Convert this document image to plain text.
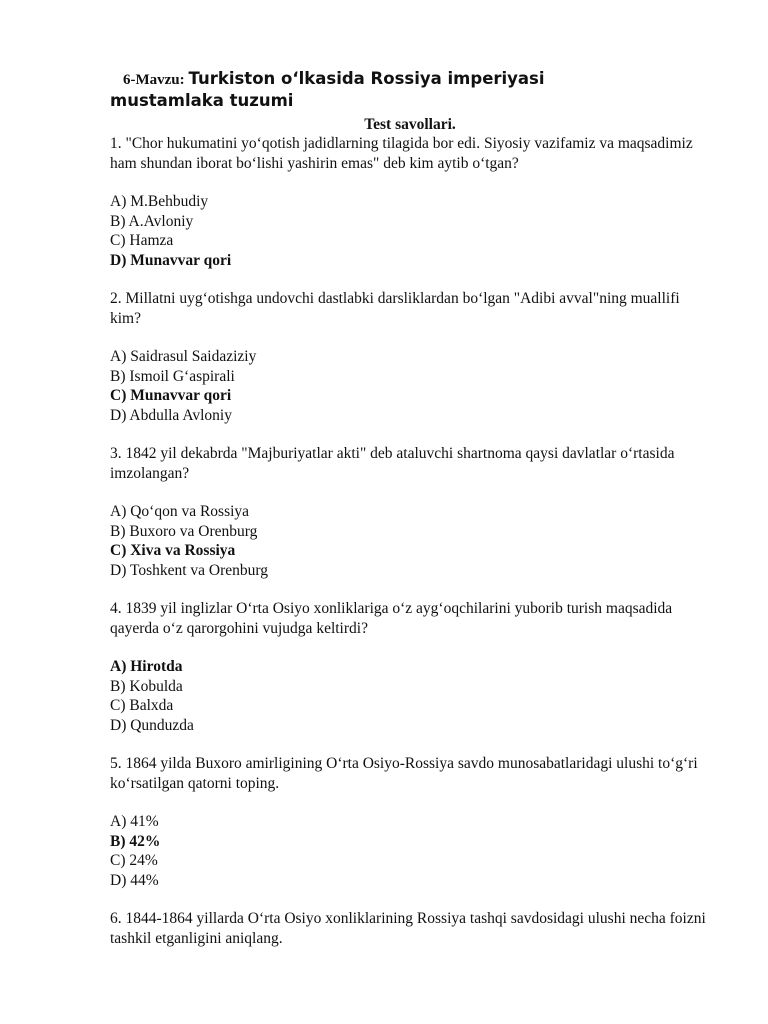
6-Mavzu: Turkiston o‘lkasida Rossiya imperiyasi
mustamlaka tuzumi
Test savollari.
1. "Chor hukumatini yo‘qotish jadidlarning tilagida bor edi. Siyosiy vazifamiz va maqsadimiz ham shundan iborat bo‘lishi yashirin emas" deb kim aytib o‘tgan?
A) M.Behbudiy
B) A.Avloniy
C) Hamza
D) Munavvar qori
2. Millatni uyg‘otishga undovchi dastlabki darsliklardan bo‘lgan "Adibi avval"ning muallifi kim?
A) Saidrasul Saidaziziy
B) Ismoil G‘aspirali
C) Munavvar qori
D) Abdulla Avloniy
3. 1842 yil dekabrda "Majburiyatlar akti" deb ataluvchi shartnoma qaysi davlatlar o‘rtasida imzolangan?
A) Qo‘qon va Rossiya
B) Buxoro va Orenburg
C) Xiva va Rossiya
D) Toshkent va Orenburg
4. 1839 yil inglizlar O‘rta Osiyo xonliklariga o‘z ayg‘oqchilarini yuborib turish maqsadida qayerda o‘z qarorgohini vujudga keltirdi?
A) Hirotda
B) Kobulda
C) Balxda
D) Qunduzda
5. 1864 yilda Buxoro amirligining O‘rta Osiyo-Rossiya savdo munosabatlaridagi ulushi to‘g‘ri ko‘rsatilgan qatorni toping.
A) 41%
B) 42%
C) 24%
D) 44%
6. 1844-1864 yillarda O‘rta Osiyo xonliklarining Rossiya tashqi savdosidagi ulushi necha foizni tashkil etganligini aniqlang.
